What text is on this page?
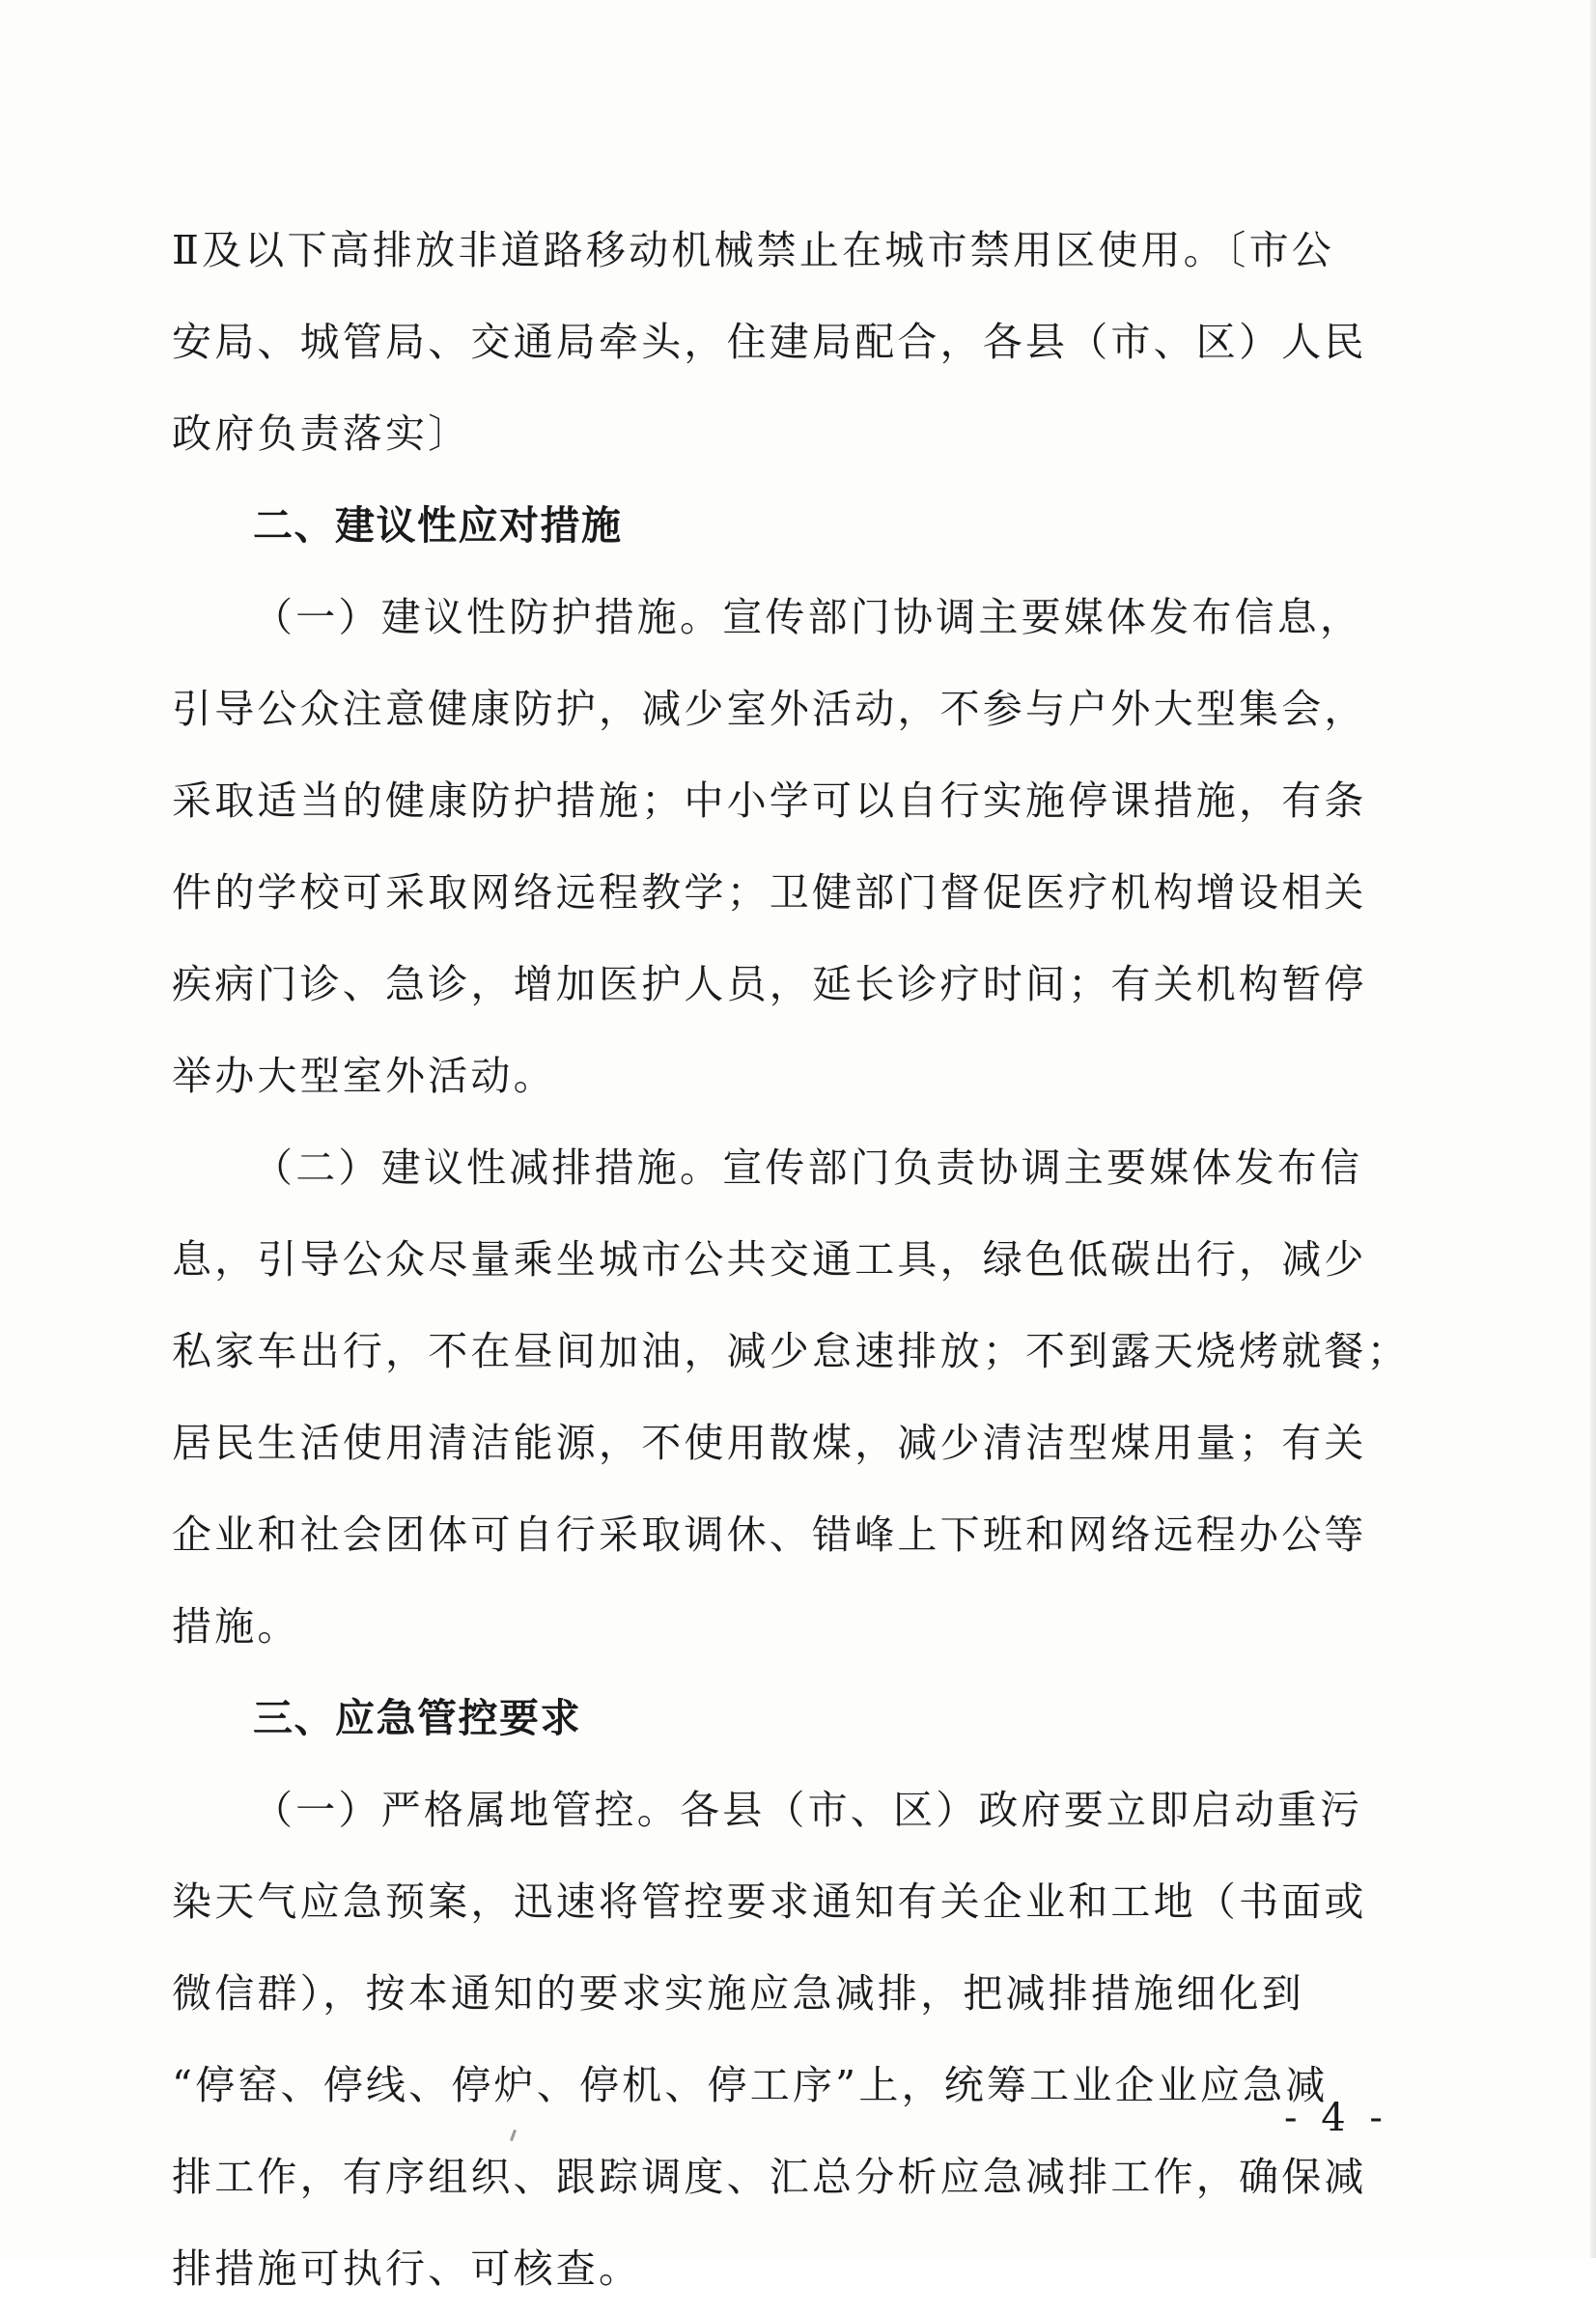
Ⅱ及以下高排放非道路移动机械禁止在城市禁用区使用。〔市公
安局、城管局、交通局牵头，住建局配合，各县（市、区）人民
政府负责落实〕
二、建议性应对措施
（一）建议性防护措施。宣传部门协调主要媒体发布信息，
引导公众注意健康防护，减少室外活动，不参与户外大型集会，
采取适当的健康防护措施；中小学可以自行实施停课措施，有条
件的学校可采取网络远程教学；卫健部门督促医疗机构增设相关
疾病门诊、急诊，增加医护人员，延长诊疗时间；有关机构暂停
举办大型室外活动。
（二）建议性减排措施。宣传部门负责协调主要媒体发布信
息，引导公众尽量乘坐城市公共交通工具，绿色低碳出行，减少
私家车出行，不在昼间加油，减少怠速排放；不到露天烧烤就餐；
居民生活使用清洁能源，不使用散煤，减少清洁型煤用量；有关
企业和社会团体可自行采取调休、错峰上下班和网络远程办公等
措施。
三、应急管控要求
（一）严格属地管控。各县（市、区）政府要立即启动重污
染天气应急预案，迅速将管控要求通知有关企业和工地（书面或
微信群），按本通知的要求实施应急减排，把减排措施细化到
“停窑、停线、停炉、停机、停工序”上，统筹工业企业应急减
排工作，有序组织、跟踪调度、汇总分析应急减排工作，确保减
排措施可执行、可核查。
- 4 -
